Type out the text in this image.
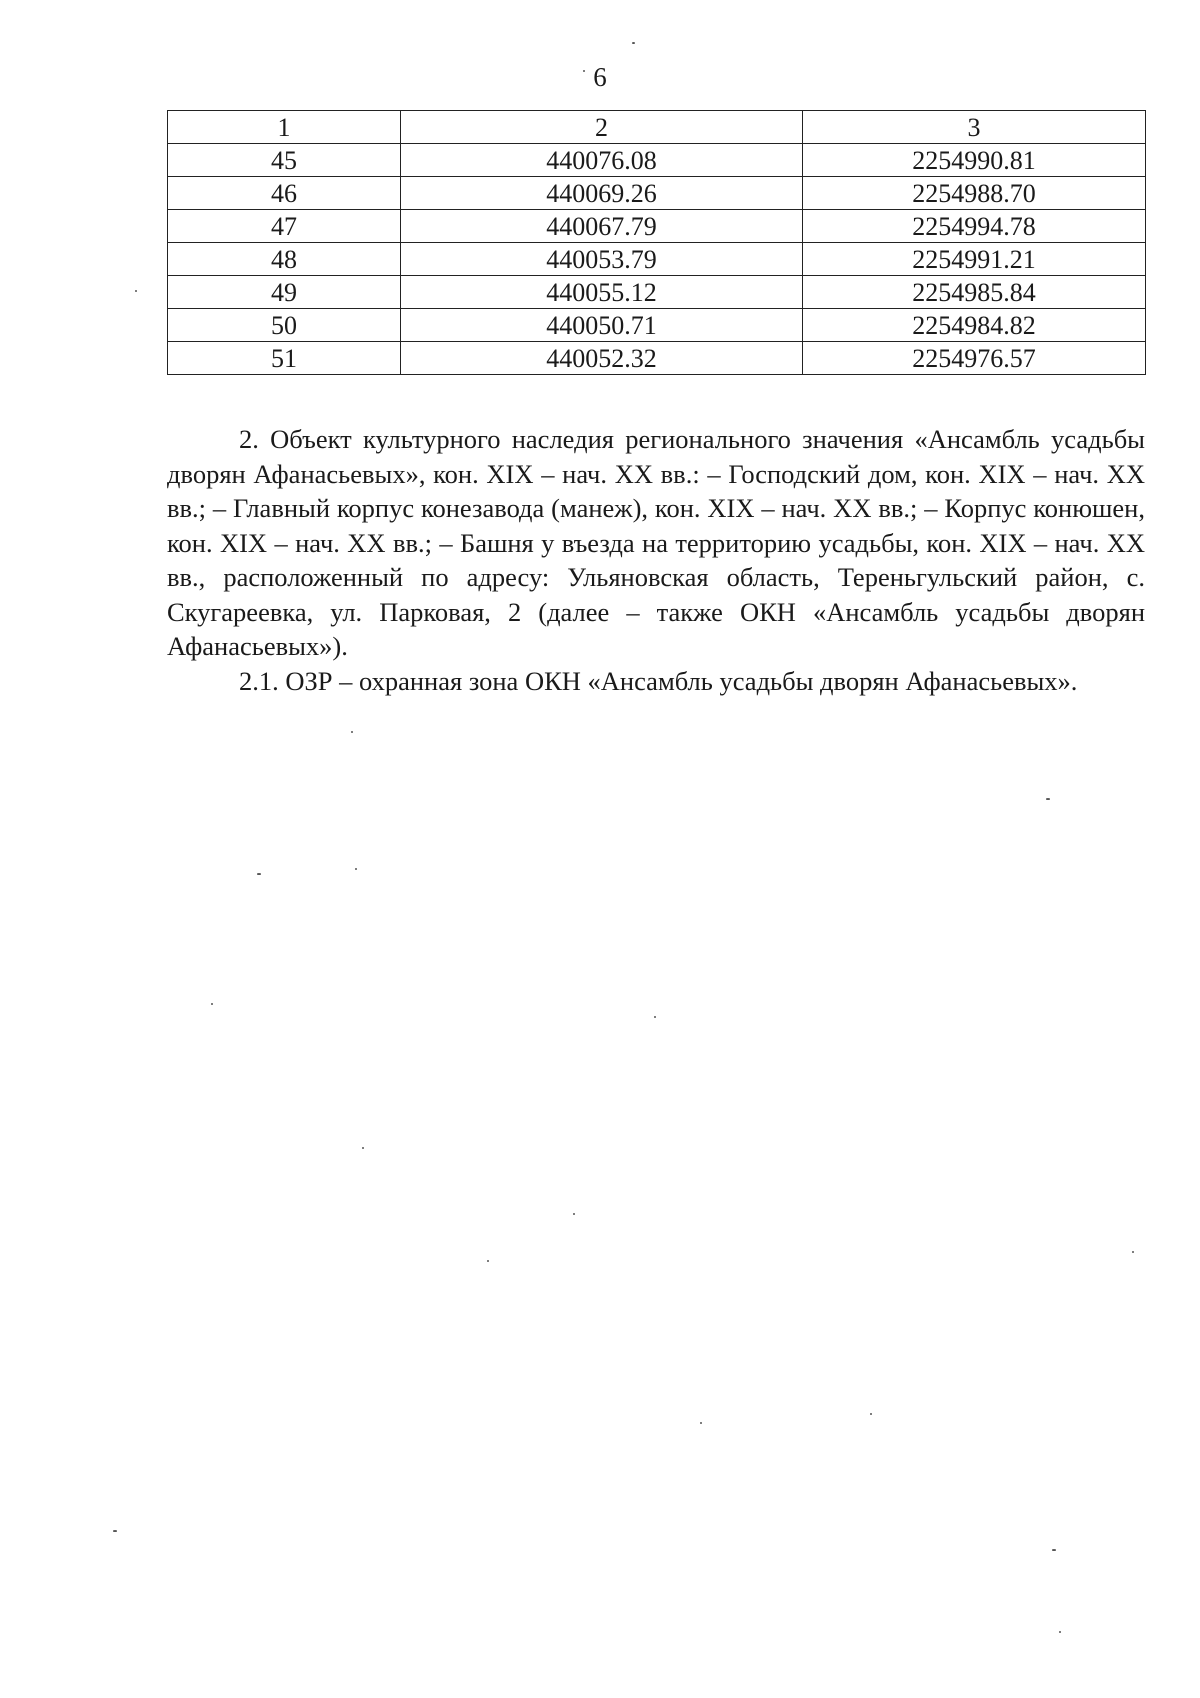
6
1	2	3
45	440076.08	2254990.81
46	440069.26	2254988.70
47	440067.79	2254994.78
48	440053.79	2254991.21
49	440055.12	2254985.84
50	440050.71	2254984.82
51	440052.32	2254976.57

2. Объект культурного наследия регионального значения «Ансамбль усадьбы дворян Афанасьевых», кон. XIX – нач. XX вв.: – Господский дом, кон. XIX – нач. XX вв.; – Главный корпус конезавода (манеж), кон. XIX – нач. XX вв.; – Корпус конюшен, кон. XIX – нач. XX вв.; – Башня у въезда на территорию усадьбы, кон. XIX – нач. XX вв., расположенный по адресу: Ульяновская область, Тереньгульский район, с. Скугареевка, ул. Парковая, 2 (далее – также ОКН «Ансамбль усадьбы дворян Афанасьевых»).

2.1. ОЗР – охранная зона ОКН «Ансамбль усадьбы дворян Афанасьевых».
